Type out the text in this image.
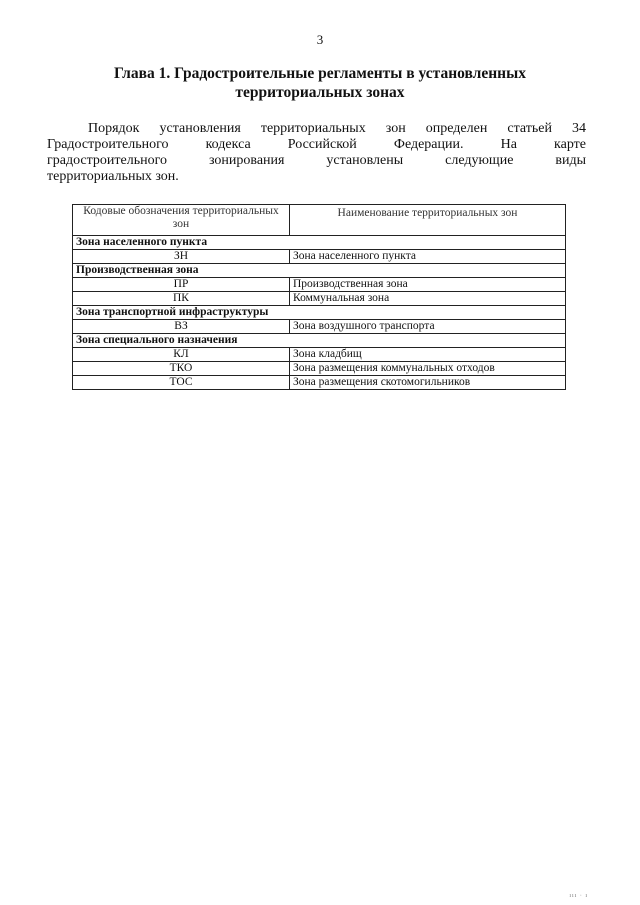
3
Глава 1. Градостроительные регламенты в установленных
территориальных зонах
Порядок установления территориальных зон определен статьей 34
Градостроительного кодекса Российской Федерации. На карте
градостроительного зонирования установлены следующие виды
территориальных зон.
Кодовые обозначения территориальных зон	Наименование территориальных зон
Зона населенного пункта	
ЗН	Зона населенного пункта
Производственная зона	
ПР	Производственная зона
ПК	Коммунальная зона
Зона транспортной инфраструктуры	
ВЗ	Зона воздушного транспорта
Зона специального назначения	
КЛ	Зона кладбищ
ТКО	Зона размещения коммунальных отходов
ТОС	Зона размещения скотомогильников
ııı · ı
